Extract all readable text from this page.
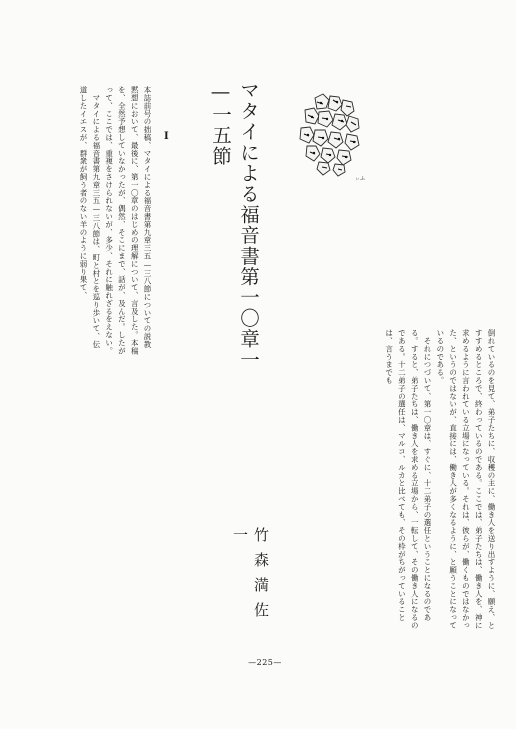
マタイによる福音書第一〇章一—一五節
竹森満佐一
I
本誌前号の拙稿、マタイによる福音書第九章三五—三八節についての説教黙想において、最後に、第一〇章のはじめの理解について、言及した。本稿を、全然予想していなかったが、偶然、そこにまで、話が、及んだ。したがって、ここでは、重複をさけられないが、多少、それに触れざるをえない。
　マタイによる福音書第九章三五—三八節は、町と村とを巡り歩いて、伝道したイエスが、群衆が飼う者のない羊のように弱り果て、
倒れているのを見て、弟子たちに、収穫の主に、働き人を送り出すように、願え、とすすめるところで、終わっているのである。ここでは、弟子たちは、働き人を、神に求めるように言われている立場になっている。それは、彼らが、働くものではなかった、というのではないが、直接には、働き人が多くなるように、と願うことになっているのである。
　それにつづいて、第一〇章は、すぐに、十二弟子の選任ということになるのである。すると、弟子たちは、働き人を求める立場から、一転して、その働き人になるのである。十二弟子の選任は、マルコ、ルカと比べても、その枠がちがっていることは、言うまでも
ぃふ
—225—
